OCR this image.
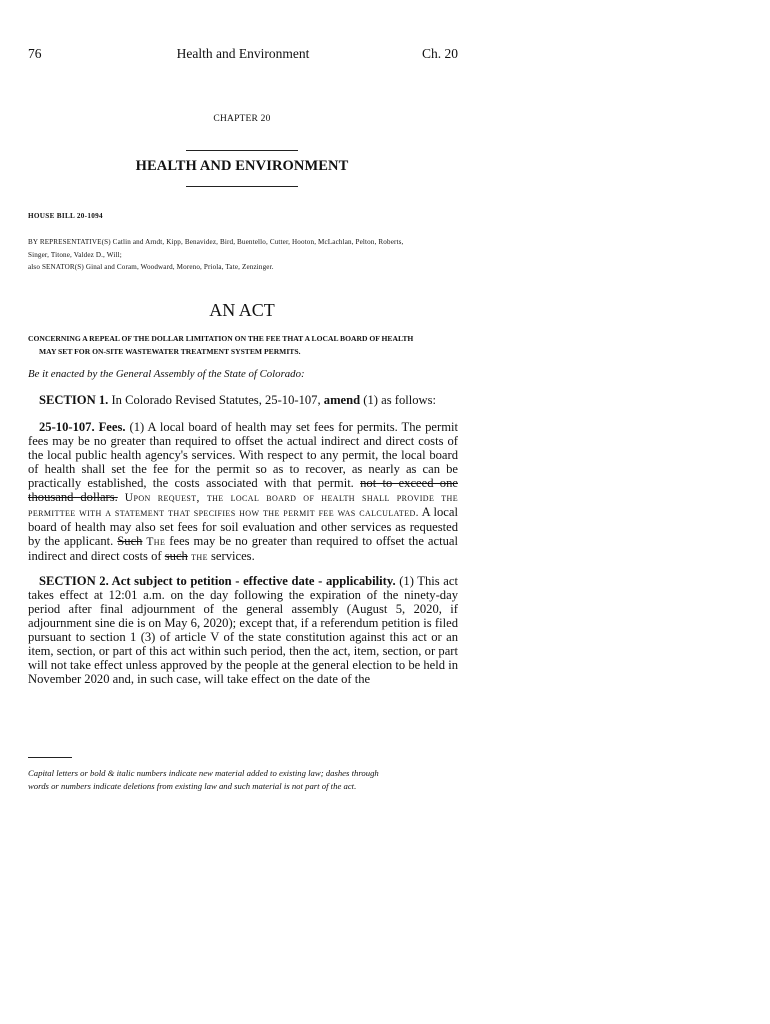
76	Health and Environment	Ch. 20
CHAPTER 20
HEALTH AND ENVIRONMENT
HOUSE BILL 20-1094
BY REPRESENTATIVE(S) Catlin and Arndt, Kipp, Benavidez, Bird, Buentello, Cutter, Hooton, McLachlan, Pelton, Roberts,
Singer, Titone, Valdez D., Will;
also SENATOR(S) Ginal and Coram, Woodward, Moreno, Priola, Tate, Zenzinger.
AN ACT
CONCERNING A REPEAL OF THE DOLLAR LIMITATION ON THE FEE THAT A LOCAL BOARD OF HEALTH
MAY SET FOR ON-SITE WASTEWATER TREATMENT SYSTEM PERMITS.
Be it enacted by the General Assembly of the State of Colorado:

SECTION 1. In Colorado Revised Statutes, 25-10-107, amend (1) as follows:

25-10-107. Fees. (1) A local board of health may set fees for permits. The permit fees may be no greater than required to offset the actual indirect and direct costs of the local public health agency's services. With respect to any permit, the local board of health shall set the fee for the permit so as to recover, as nearly as can be practically established, the costs associated with that permit. not to exceed one thousand dollars. Upon request, the local board of health shall provide the permittee with a statement that specifies how the permit fee was calculated. A local board of health may also set fees for soil evaluation and other services as requested by the applicant. Such The fees may be no greater than required to offset the actual indirect and direct costs of such the services.

SECTION 2. Act subject to petition - effective date - applicability. (1) This act takes effect at 12:01 a.m. on the day following the expiration of the ninety-day period after final adjournment of the general assembly (August 5, 2020, if adjournment sine die is on May 6, 2020); except that, if a referendum petition is filed pursuant to section 1 (3) of article V of the state constitution against this act or an item, section, or part of this act within such period, then the act, item, section, or part will not take effect unless approved by the people at the general election to be held in November 2020 and, in such case, will take effect on the date of the

Capital letters or bold & italic numbers indicate new material added to existing law; dashes through
words or numbers indicate deletions from existing law and such material is not part of the act.
